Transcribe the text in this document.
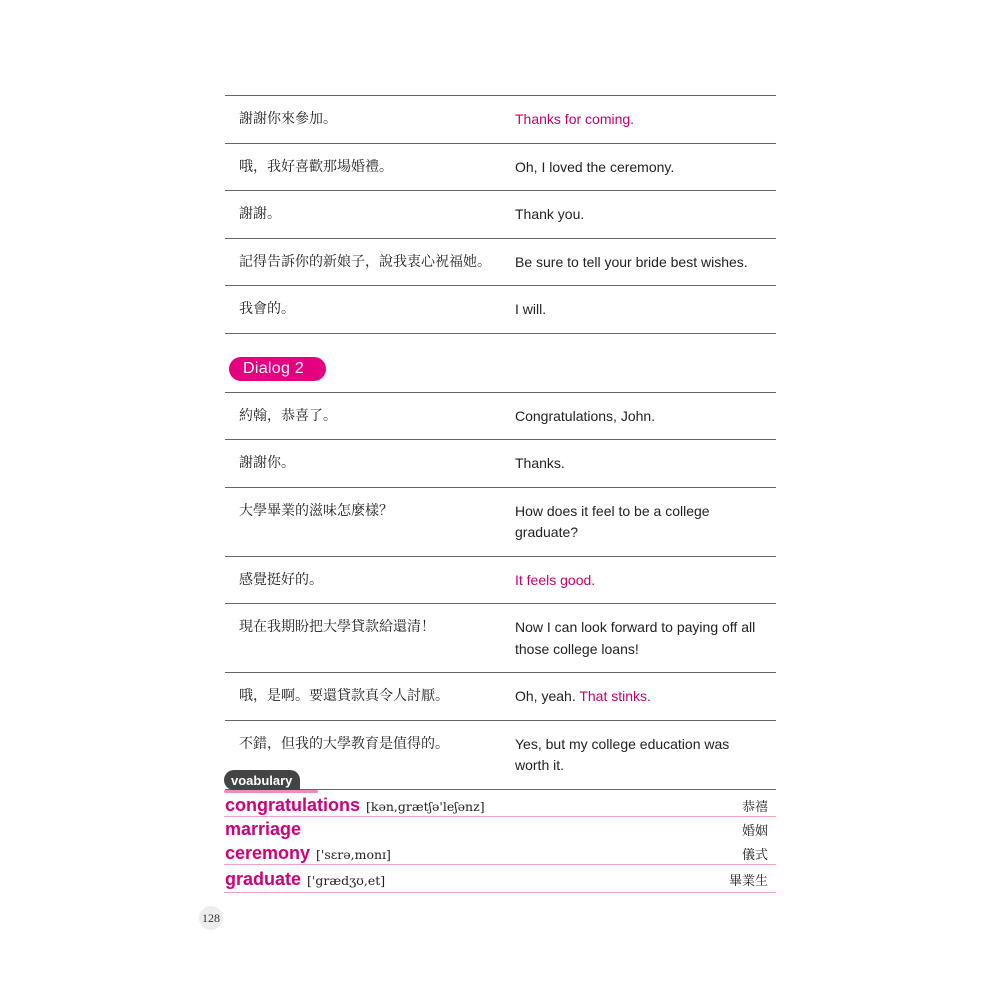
謝謝你來參加。	Thanks for coming.
哦，我好喜歡那場婚禮。	Oh, I loved the ceremony.
謝謝。	Thank you.
記得告訴你的新娘子，說我衷心祝福她。	Be sure to tell your bride best wishes.
我會的。	I will.
Dialog 2
約翰，恭喜了。	Congratulations, John.
謝謝你。	Thanks.
大學畢業的滋味怎麼樣？	How does it feel to be a college graduate?
感覺挺好的。	It feels good.
現在我期盼把大學貸款給還清！	Now I can look forward to paying off all those college loans!
哦，是啊。要還貸款真令人討厭。	Oh, yeah. That stinks.
不錯，但我的大學教育是值得的。	Yes, but my college education was worth it.
voabulary
congratulations [kən,grætʃə'leʃənz]	恭禧
marriage	婚姻
ceremony ['sɛrə,monɪ]	儀式
graduate ['grædʒʊ,et]	畢業生
128
